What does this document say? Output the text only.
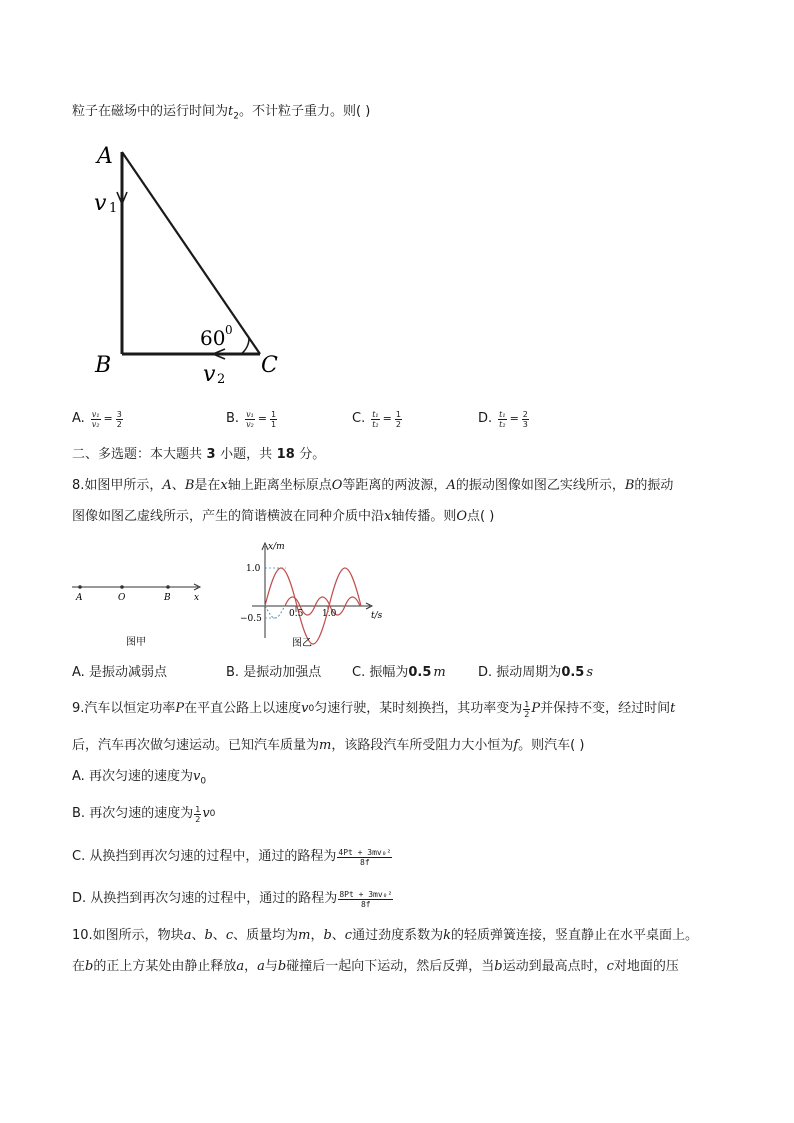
粒子在磁场中的运行时间为$t_2$。不计粒子重力。则( )
A
B	C
v 1
v 2
60 0
A. $\frac{\text{v₁}}{\text{v₂}} = \frac{3}{2}$	B. $\frac{\text{v₁}}{\text{v₂}} = \frac{1}{1}$	C. $\frac{\text{t₁}}{\text{t₂}} = \frac{1}{2}$	D. $\frac{\text{t₁}}{\text{t₂}} = \frac{2}{3}$
二、多选题：本大题共 3 小题，共 18 分。
8.如图甲所示，A、B是在x轴上距离坐标原点O等距离的两波源，A的振动图像如图乙实线所示，B的振动
图像如图乙虚线所示，产生的简谐横波在同种介质中沿x轴传播。则O点( )
A	O	B	x
图甲
x/m
t/s
1.0
−0.5	0.5 1.0
图乙
A. 是振动减弱点	B. 是振动加强点 C. 振幅为0.5 m D. 振动周期为0.5 s
9.汽车以恒定功率 P 在平直公路上以速度 v 0 匀速行驶，某时刻换挡，其功率变为 $\frac{1}{2}$ P 并保持不变，经过时间 t
后，汽车再次做匀速运动。已知汽车质量为m，该路段汽车所受阻力大小恒为f。则汽车( )
A. 再次匀速的速度为$v_0$
B.
再次匀速的速度为 $\frac{1}{2}$ v 0
C.
从换挡到再次匀速的过程中，通过的路程为 $\frac{\text{4Pt + 3mv₀²}}{8f}$
D.
从换挡到再次匀速的过程中，通过的路程为 $\frac{\text{8Pt + 3mv₀²}}{8f}$
10.如图所示，物块a、b、c、质量均为m，b、c通过劲度系数为k的轻质弹簧连接，竖直静止在水平桌面上。
在b的正上方某处由静止释放a，a与b碰撞后一起向下运动，然后反弹，当b运动到最高点时，c对地面的压
